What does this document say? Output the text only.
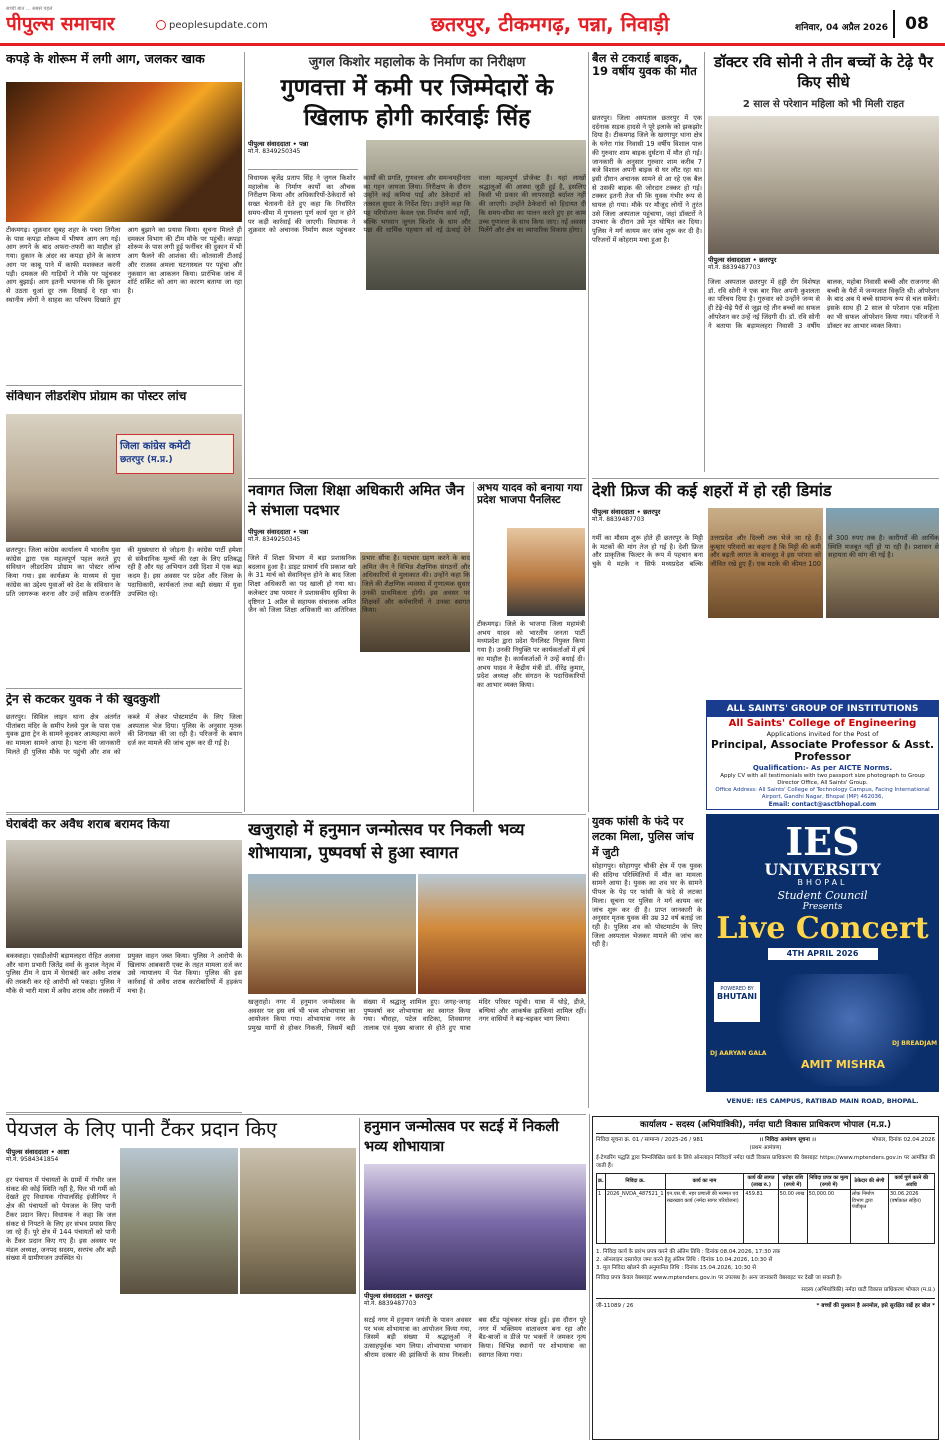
सच्ची बात ... सबसे पहले
पीपुल्स समाचार	peoplesupdate.com	छतरपुर, टीकमगढ़, पन्ना, निवाड़ी	शनिवार, 04 अप्रैल 2026	08
कपड़े के शोरूम में लगी आग, जलकर खाक
टीकमगढ़। शुक्रवार सुबह शहर के पचरा तिगैला के पास कपड़ा शोरूम में भीषण आग लग गई। आग लगने के बाद अफरा-तफरी का माहौल हो गया। दुकान के अंदर का कपड़ा होने के कारण आग पर काबू पाने में काफी मशक्कत करनी पड़ी। दमकल की गाड़ियों ने मौके पर पहुंचकर आग बुझाई। आग इतनी भयानक थी कि दुकान से उठता धुआं दूर तक दिखाई दे रहा था। स्थानीय लोगों ने साहस का परिचय दिखाते हुए आग बुझाने का प्रयास किया। सूचना मिलते ही दमकल विभाग की टीम मौके पर पहुंची। कपड़ा शोरूम के पास लगी हुई फर्नीचर की दुकान में भी आग फैलने की आशंका थी। कोतवाली टीआई और राजस्व अमला घटनास्थल पर पहुंचा और नुकसान का आकलन किया। प्रारंभिक जांच में शॉर्ट सर्किट को आग का कारण बताया जा रहा है।
संविधान लीडरशिप प्रोग्राम का पोस्टर लांच
जिला कांग्रेस कमेटी
छतरपुर (म.प्र.)
छतरपुर। जिला कांग्रेस कार्यालय में भारतीय युवा कांग्रेस द्वारा एक महत्वपूर्ण पहल करते हुए संविधान लीडरशिप प्रोग्राम का पोस्टर लॉन्च किया गया। इस कार्यक्रम के माध्यम से युवा कांग्रेस का उद्देश्य युवाओं को देश के संविधान के प्रति जागरूक करना और उन्हें सक्रिय राजनीति की मुख्यधारा से जोड़ना है। कांग्रेस पार्टी हमेशा से संवैधानिक मूल्यों की रक्षा के लिए प्रतिबद्ध रही है और यह अभियान उसी दिशा में एक बड़ा कदम है। इस अवसर पर प्रदेश और जिला के पदाधिकारी, कार्यकर्ता तथा बड़ी संख्या में युवा उपस्थित रहे।
ट्रेन से कटकर युवक ने की खुदकुशी
छतरपुर। सिविल लाइन थाना क्षेत्र अंतर्गत पीतांबरा मंदिर के समीप रेलवे पुल के पास एक युवक द्वारा ट्रेन के सामने कूदकर आत्महत्या करने का मामला सामने आया है। घटना की जानकारी मिलते ही पुलिस मौके पर पहुंची और शव को कब्जे में लेकर पोस्टमार्टम के लिए जिला अस्पताल भेज दिया। पुलिस के अनुसार मृतक की शिनाख्त की जा रही है। परिजनों के बयान दर्ज कर मामले की जांच शुरू कर दी गई है।
जुगल किशोर महालोक के निर्माण का निरीक्षण
गुणवत्ता में कमी पर जिम्मेदारों के खिलाफ होगी कार्रवाईः सिंह
पीपुल्स संवाददाता • पन्ना
मो.नं. 8349250345
विधायक बृजेंद्र प्रताप सिंह ने जुगल किशोर महालोक के निर्माण कार्यों का औचक निरीक्षण किया और अधिकारियों-ठेकेदारों को सख्त चेतावनी देते हुए कहा कि निर्धारित समय-सीमा में गुणवत्ता पूर्ण कार्य पूरा न होने पर कड़ी कार्रवाई की जाएगी। विधायक ने शुक्रवार को अचानक निर्माण स्थल पहुंचकर कार्यों की प्रगति, गुणवत्ता और समन्वयहीनता का गहन जायजा लिया। निरीक्षण के दौरान उन्होंने कई कमियां पाईं और ठेकेदारों को तत्काल सुधार के निर्देश दिए। उन्होंने कहा कि यह परियोजना केवल एक निर्माण कार्य नहीं, बल्कि भगवान जुगल किशोर के धाम और पन्ना की धार्मिक पहचान को नई ऊंचाई देने वाला महत्वपूर्ण प्रोजेक्ट है। यहां लाखों श्रद्धालुओं की आस्था जुड़ी हुई है, इसलिए किसी भी प्रकार की लापरवाही बर्दाश्त नहीं की जाएगी। उन्होंने ठेकेदारों को हिदायत दी कि समय-सीमा का पालन करते हुए हर काम उच्च गुणवत्ता के साथ किया जाए। नई अवसर मिलेंगे और क्षेत्र का व्यापारिक विकास होगा।
बैल से टकराई बाइक, 19 वर्षीय युवक की मौत
छतरपुर। जिला अस्पताल छतरपुर में एक दर्दनाक सड़क हादसे ने पूरे इलाके को झकझोर दिया है। टीकमगढ़ जिले के खरगापुर थाना क्षेत्र के घनेरा गांव निवासी 19 वर्षीय विशाल पाल की गुरुवार शाम बाइक दुर्घटना में मौत हो गई। जानकारी के अनुसार गुरुवार शाम करीब 7 बजे विशाल अपनी बाइक से घर लौट रहा था। इसी दौरान अचानक सामने से आ रहे एक बैल से उसकी बाइक की जोरदार टक्कर हो गई। टक्कर इतनी तेज थी कि युवक गंभीर रूप से घायल हो गया। मौके पर मौजूद लोगों ने तुरंत उसे जिला अस्पताल पहुंचाया, जहां डॉक्टरों ने उपचार के दौरान उसे मृत घोषित कर दिया। पुलिस ने मर्ग कायम कर जांच शुरू कर दी है। परिजनों में कोहराम मचा हुआ है।
डॉक्टर रवि सोनी ने तीन बच्चों के टेढ़े पैर किए सीधे
2 साल से परेशान महिला को भी मिली राहत
पीपुल्स संवाददाता • छतरपुर
मो.नं. 8839487703
जिला अस्पताल छतरपुर में हड्डी रोग विशेषज्ञ डॉ. रवि सोनी ने एक बार फिर अपनी कुशलता का परिचय दिया है। गुरुवार को उन्होंने जन्म से ही टेढ़े-मेढ़े पैरों से जूझ रहे तीन बच्चों का सफल ऑपरेशन कर उन्हें नई जिंदगी दी। डॉ. रवि सोनी ने बताया कि बड़ामलहरा निवासी 3 वर्षीय बालक, महोबा निवासी बच्ची और राजनगर की बच्ची के पैरों में जन्मजात विकृति थी। ऑपरेशन के बाद अब ये बच्चे सामान्य रूप से चल सकेंगे। इसके साथ ही 2 साल से परेशान एक महिला का भी सफल ऑपरेशन किया गया। परिजनों ने डॉक्टर का आभार व्यक्त किया।
नवागत जिला शिक्षा अधिकारी अमित जैन ने संभाला पदभार
पीपुल्स संवाददाता • पन्ना
मो.नं. 8349250345
जिले में शिक्षा विभाग में बड़ा प्रशासनिक बदलाव हुआ है। डाइट प्राचार्य रवि प्रकाश खरे के 31 मार्च को सेवानिवृत्त होने के बाद जिला शिक्षा अधिकारी का पद खाली हो गया था। कलेक्टर उषा परमार ने प्रशासकीय सुविधा के दृष्टिगत 1 अप्रैल से सहायक संचालक अमित जैन को जिला शिक्षा अधिकारी का अतिरिक्त प्रभार सौंपा है। पदभार ग्रहण करने के बाद अमित जैन ने विभिन्न शैक्षणिक संगठनों और अधिकारियों से मुलाकात की। उन्होंने कहा कि जिले की शैक्षणिक व्यवस्था में गुणात्मक सुधार उनकी प्राथमिकता होगी। इस अवसर पर शिक्षकों और कर्मचारियों ने उनका स्वागत किया।
अभय यादव को बनाया गया प्रदेश भाजपा पैनलिस्ट
टीकमगढ़। जिले के भाजपा जिला महामंत्री अभय यादव को भारतीय जनता पार्टी मध्यप्रदेश द्वारा प्रदेश पैनलिस्ट नियुक्त किया गया है। उनकी नियुक्ति पर कार्यकर्ताओं में हर्ष का माहौल है। कार्यकर्ताओं ने उन्हें बधाई दी। अभय यादव ने केंद्रीय मंत्री डॉ. वीरेंद्र कुमार, प्रदेश अध्यक्ष और संगठन के पदाधिकारियों का आभार व्यक्त किया।
देशी फ्रिज की कई शहरों में हो रही डिमांड
पीपुल्स संवाददाता • छतरपुर
मो.नं. 8839487703
गर्मी का मौसम शुरू होते ही छतरपुर के मिट्टी के मटकों की मांग तेज हो गई है। देशी फ्रिज और प्राकृतिक फिल्टर के रूप में पहचान बना चुके ये मटके न सिर्फ मध्यप्रदेश बल्कि उत्तरप्रदेश और दिल्ली तक भेजे जा रहे हैं। कुम्हार परिवारों का कहना है कि मिट्टी की कमी और बढ़ती लागत के बावजूद वे इस परंपरा को जीवित रखे हुए हैं। एक मटके की कीमत 100 से 300 रुपए तक है। कारीगरों की आर्थिक स्थिति मजबूत नहीं हो पा रही है। प्रशासन से सहायता की मांग की गई है।
ALL SAINTS' GROUP OF INSTITUTIONS
All Saints' College of Engineering
Applications invited for the Post of
Principal, Associate Professor & Asst. Professor
Qualification:- As per AICTE Norms.
Apply CV with all testimonials with two passport size photograph to Group Director Office, All Saints' Group.
Office Address: All Saints' College of Technology Campus, Facing International Airport, Gandhi Nagar, Bhopal (MP) 462036,
Email: contact@asctbhopal.com
घेराबंदी कर अवैध शराब बरामद किया
बकस्वाहा। एसडीओपी बड़ामलहरा रोहित अलावा और थाना प्रभारी जितेंद्र वर्मा के कुशल नेतृत्व में पुलिस टीम ने ग्राम में घेराबंदी कर अवैध शराब की तस्करी कर रहे आरोपी को पकड़ा। पुलिस ने मौके से भारी मात्रा में अवैध शराब और तस्करी में प्रयुक्त वाहन जब्त किया। पुलिस ने आरोपी के खिलाफ आबकारी एक्ट के तहत मामला दर्ज कर उसे न्यायालय में पेश किया। पुलिस की इस कार्रवाई से अवैध शराब कारोबारियों में हड़कंप मचा है।
खजुराहो में हनुमान जन्मोत्सव पर निकली भव्य शोभायात्रा, पुष्पवर्षा से हुआ स्वागत
खजुराहो। नगर में हनुमान जन्मोत्सव के अवसर पर इस वर्ष भी भव्य शोभायात्रा का आयोजन किया गया। शोभायात्रा नगर के प्रमुख मार्गों से होकर निकली, जिसमें बड़ी संख्या में श्रद्धालु शामिल हुए। जगह-जगह पुष्पवर्षा कर शोभायात्रा का स्वागत किया गया। चौराहा, पटेल वाटिका, शिवसागर तालाब एवं मुख्य बाजार से होते हुए यात्रा मंदिर परिसर पहुंची। यात्रा में घोड़े, डीजे, बग्घियां और आकर्षक झांकियां शामिल रहीं। नगर वासियों ने बढ़-चढ़कर भाग लिया।
युवक फांसी के फंदे पर लटका मिला, पुलिस जांच में जुटी
सोहागपुर। सोहागपुर चौकी क्षेत्र में एक युवक की संदिग्ध परिस्थितियों में मौत का मामला सामने आया है। युवक का शव घर के सामने पीपल के पेड़ पर फांसी के फंदे से लटका मिला। सूचना पर पुलिस ने मर्ग कायम कर जांच शुरू कर दी है। प्राप्त जानकारी के अनुसार मृतक युवक की उम्र 32 वर्ष बताई जा रही है। पुलिस शव को पोस्टमार्टम के लिए जिला अस्पताल भेजकर मामले की जांच कर रही है।
IES
UNIVERSITY
BHOPAL
Student Council
Presents
Live Concert
4TH APRIL 2026
POWERED BY
BHUTANI
DJ AARYAN GALA
AMIT MISHRA
DJ BREADJAM
VENUE: IES CAMPUS, RATIBAD MAIN ROAD, BHOPAL.
पेयजल के लिए पानी टैंकर प्रदान किए
पीपुल्स संवाददाता • आष्टा
मो.नं. 9584341854
हर पंचायत में पंचायतों के ग्रामों में गंभीर जल संकट की कोई स्थिति नहीं है, फिर भी गर्मी को देखते हुए विधायक गोपालसिंह इंजीनियर ने क्षेत्र की पंचायतों को पेयजल के लिए पानी टैंकर प्रदान किए। विधायक ने कहा कि जल संकट से निपटने के लिए हर संभव प्रयास किए जा रहे हैं। पूरे क्षेत्र में 144 पंचायतों को पानी के टैंकर प्रदान किए गए हैं। इस अवसर पर मंडल अध्यक्ष, जनपद सदस्य, सरपंच और बड़ी संख्या में ग्रामीणजन उपस्थित थे।
हनुमान जन्मोत्सव पर सटई में निकली भव्य शोभायात्रा
पीपुल्स संवाददाता • छतरपुर
मो.नं. 8839487703
सटई नगर में हनुमान जयंती के पावन अवसर पर भव्य शोभायात्रा का आयोजन किया गया, जिसमें बड़ी संख्या में श्रद्धालुओं ने उत्साहपूर्वक भाग लिया। शोभायात्रा भगवान श्रीराम दरबार की झांकियों के साथ निकली। बस स्टैंड पहुंचकर संपन्न हुई। इस दौरान पूरे नगर में भक्तिमय वातावरण बना रहा और बैंड-बाजों व डीजे पर भक्तों ने जमकर नृत्य किया। विभिन्न स्थानों पर शोभायात्रा का स्वागत किया गया।
कार्यालय - सदस्य (अभियांत्रिकी), नर्मदा घाटी विकास प्राधिकरण भोपाल (म.प्र.)
निविदा सूचना क्र. 01 / सामान्य / 2025-26 / 981	।। निविदा आमंत्रण सूचना ।।	भोपाल, दिनांक 02.04.2026
(प्रथम आमंत्रण)
ई-टेण्डरिंग पद्धति द्वारा निम्नलिखित कार्य के लिये ऑनलाइन निविदायें नर्मदा घाटी विकास प्राधिकरण की वेबसाइट https://www.mptenders.gov.in पर आमंत्रित की जाती हैं।
क्र.	निविदा क्र.	कार्य का नाम	कार्य की लागत (लाख रु.)	धरोहर राशि (रुपये में)	निविदा प्रपत्र का मूल्य (रुपये में)	ठेकेदार की श्रेणी	कार्य पूर्ण करने की अवधि
1	2026_NVDA_487521_1	एन.एस.पी. नहर प्रणाली की मरम्मत एवं रखरखाव कार्य (नर्मदा सागर परियोजना)	459.81	50.00 लाख	50,000.00	लोक निर्माण विभाग द्वारा पंजीकृत	30.06.2026 (वर्षाकाल सहित)
1. निविदा कार्य के प्रारंभ प्रपत्र करने की अंतिम तिथि : दिनांक 08.04.2026, 17:30 तक
2. ऑनलाइन दस्तावेज़ जमा करने हेतु अंतिम तिथि : दिनांक 10.04.2026, 10:30 से
3. मूल निविदा खोलने की अनुमानित तिथि : दिनांक 15.04.2026, 10:30 से
निविदा प्रपत्र केवल वेबसाइट www.mptenders.gov.in पर उपलब्ध है। अन्य जानकारी वेबसाइट पर देखी जा सकती है।
सदस्य (अभियांत्रिकी) नर्मदा घाटी विकास प्राधिकरण भोपाल (म.प्र.)
जी-11089 / 26	* बच्चों की मुस्कान है अनमोल, इसे सुरक्षित रखें हर बोल *
